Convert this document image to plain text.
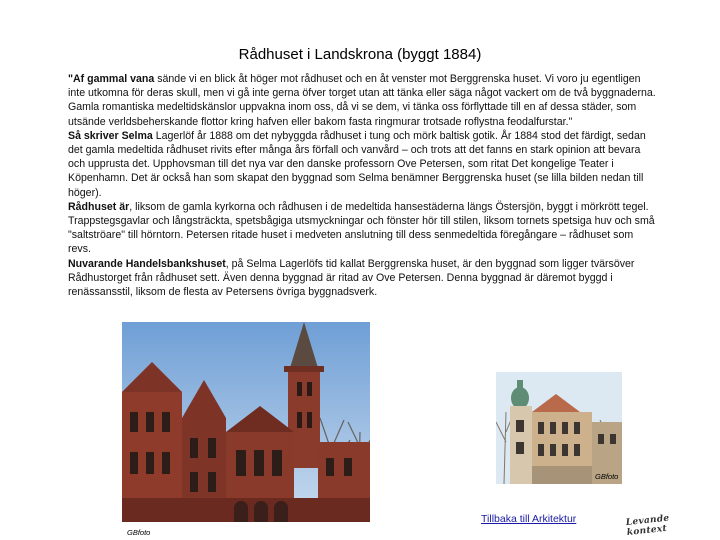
Rådhuset i Landskrona (byggt 1884)

"Af gammal vana sände vi en blick åt höger mot rådhuset och en åt venster mot Berggrenska huset. Vi voro ju egentligen inte utkomna för deras skull, men vi gå inte gerna öfver torget utan att tänka eller säga något vackert om de två byggnaderna. Gamla romantiska medeltidskänslor uppvakna inom oss, då vi se dem, vi tänka oss förflyttade till en af dessa städer, som utsände verldsbeherskande flottor kring hafven eller bakom fasta ringmurar trotsade roflystna feodalfurstar."

Så skriver Selma Lagerlöf år 1888 om det nybyggda rådhuset i tung och mörk baltisk gotik. År 1884 stod det färdigt, sedan det gamla medeltida rådhuset rivits efter många års förfall och vanvård – och trots att det fanns en stark opinion att bevara och upprusta det. Upphovsman till det nya var den danske professorn Ove Petersen, som ritat Det kongelige Teater i Köpenhamn. Det är också han som skapat den byggnad som Selma benämner Berggrenska huset (se lilla bilden nedan till höger).

Rådhuset är, liksom de gamla kyrkorna och rådhusen i de medeltida hansestäderna längs Östersjön, byggt i mörkrött tegel. Trappstegsgavlar och långsträckta, spetsbågiga utsmyckningar och fönster hör till stilen, liksom tornets spetsiga huv och små "saltströare" till hörntorn. Petersen ritade huset i medveten anslutning till dess senmedeltida föregångare – rådhuset som revs.

Nuvarande Handelsbankshuset, på Selma Lagerlöfs tid kallat Berggrenska huset, är den byggnad som ligger tvärsöver Rådhustorget från rådhuset sett. Även denna byggnad är ritad av Ove Petersen. Denna byggnad är däremot byggd i renässansstil, liksom de flesta av Petersens övriga byggnadsverk.

GBfoto
GBfoto
Tillbaka till Arkitektur	Levande kontext
